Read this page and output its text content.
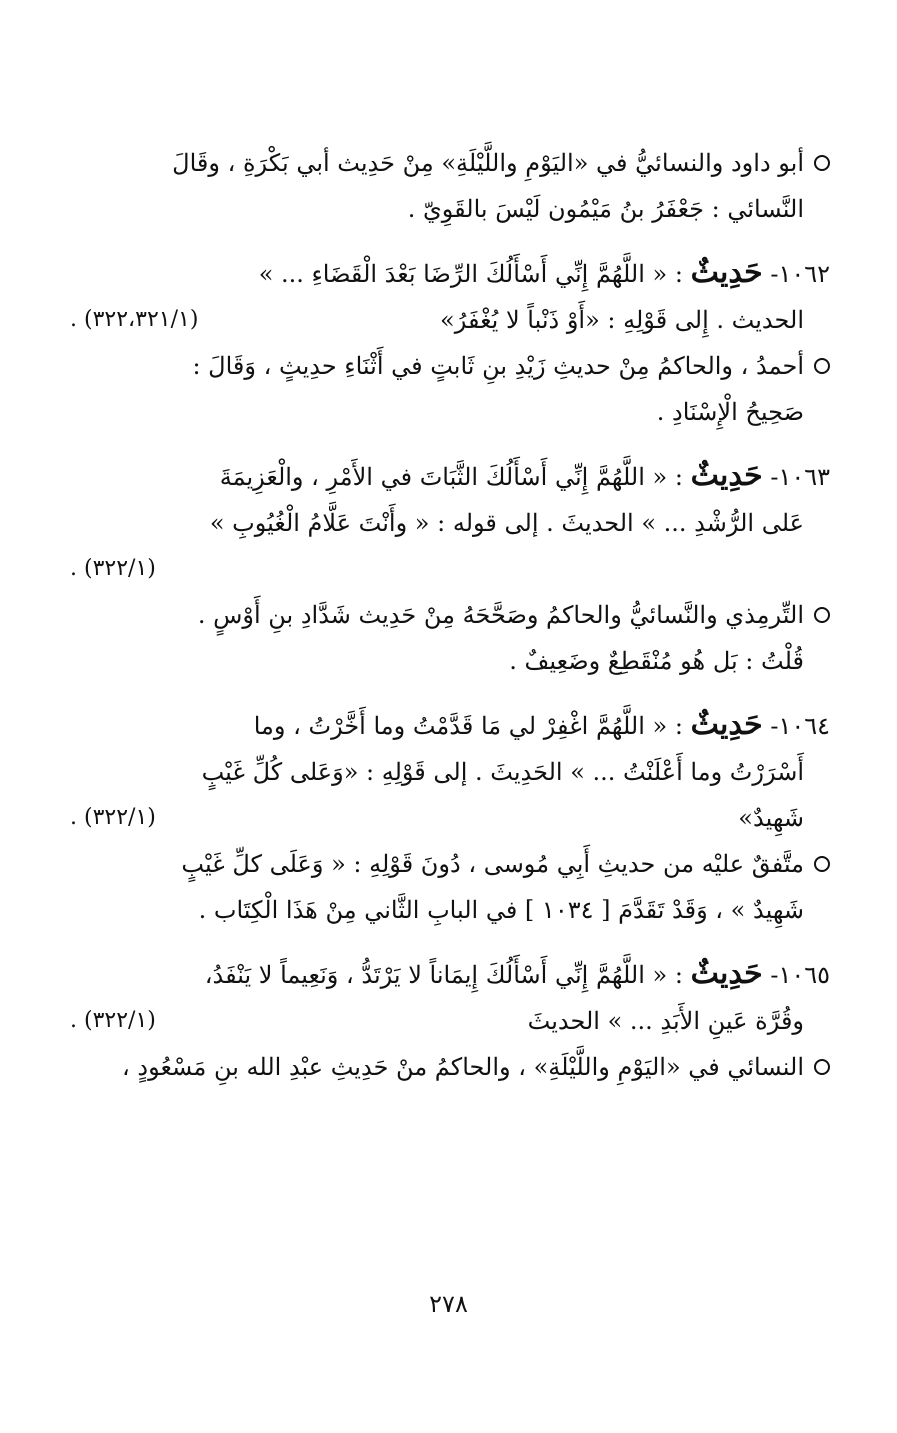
أبو داود والنسائيُّ في «اليَوْمِ واللَّيْلَةِ» مِنْ حَدِيث أبي بَكْرَةِ ، وقَالَ
النَّسائي : جَعْفَرُ بنُ مَيْمُون لَيْسَ بالقَوِيّ .
١٠٦٢- حَدِيثٌ : « اللَّهُمَّ إِنِّي أَسْأَلُكَ الرِّضَا بَعْدَ الْقَضَاءِ ... »
الحديث . إِلى قَوْلِهِ : «أَوْ ذَنْباً لا يُغْفَرُ»
(٣٢٢،٣٢١/١) .
أحمدُ ، والحاكمُ مِنْ حديثِ زَيْدِ بنِ ثَابتٍ في أَثْنَاءِ حدِيثٍ ، وَقَالَ :
صَحِيحُ الْإِسْنَادِ .
١٠٦٣- حَدِيثٌ : « اللَّهُمَّ إِنِّي أَسْأَلُكَ الثَّبَاتَ في الأَمْرِ ، والْعَزِيمَةَ
عَلى الرُّشْدِ ... » الحديثَ . إلى قوله : « وأَنْتَ عَلَّامُ الْغُيُوبِ »
(٣٢٢/١) .
التِّرمِذي والنَّسائيُّ والحاكمُ وصَحَّحَهُ مِنْ حَدِيث شَدَّادِ بنِ أَوْسٍ .
قُلْتُ : بَل هُو مُنْقَطِعٌ وضَعِيفٌ .
١٠٦٤- حَدِيثٌ : « اللَّهُمَّ اغْفِرْ لي مَا قَدَّمْتُ وما أَخَّرْتُ ، وما
أَسْرَرْتُ وما أَعْلَنْتُ ... » الحَدِيثَ . إلى قَوْلِهِ : «وَعَلى كُلِّ غَيْبٍ
شَهِيدٌ»
(٣٢٢/١) .
متَّفقٌ عليْه من حديثِ أَبِي مُوسى ، دُونَ قَوْلِهِ : « وَعَلَى كلِّ غَيْبٍ
شَهِيدٌ » ، وَقَدْ تَقَدَّمَ [ ١٠٣٤ ] في البابِ الثَّاني مِنْ هَذَا الْكِتَاب .
١٠٦٥- حَدِيثٌ : « اللَّهُمَّ إِنِّي أَسْأَلُكَ إِيمَاناً لا يَرْتَدُّ ، وَنَعِيماً لا يَنْفَدُ،
وقُرَّة عَينِ الأَبَدِ ... » الحديثَ
(٣٢٢/١) .
النسائي في «اليَوْمِ واللَّيْلَةِ» ، والحاكمُ منْ حَدِيثِ عبْدِ الله بنِ مَسْعُودٍ ،
٢٧٨
